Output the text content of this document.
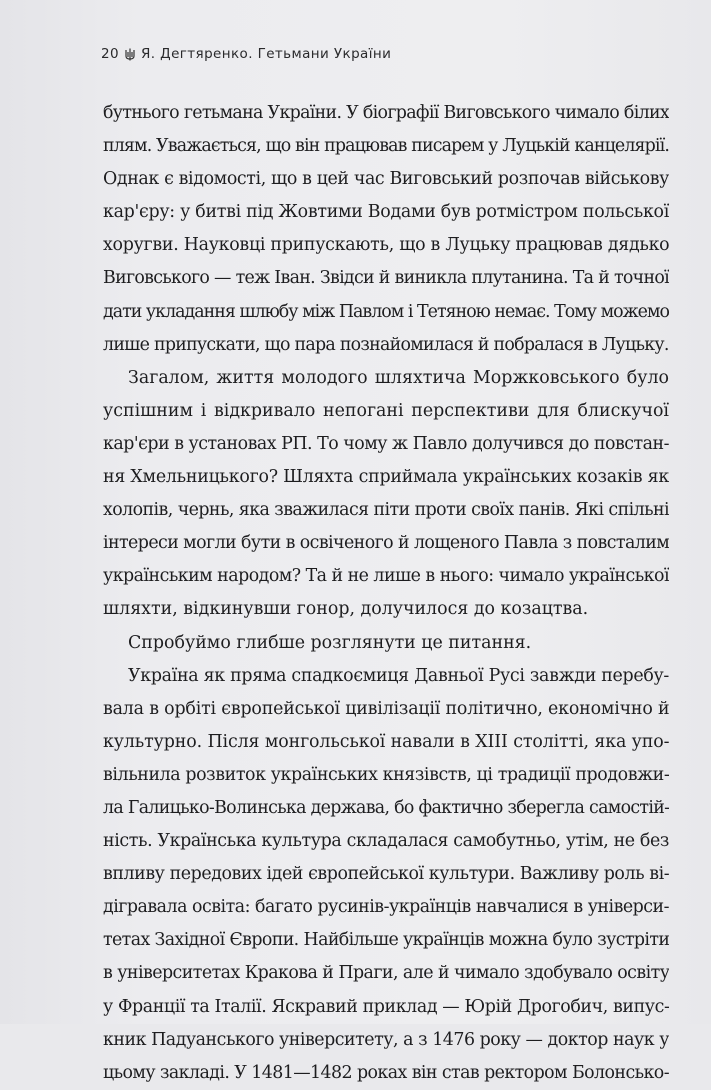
20 Я. Дегтяренко. Гетьмани України
бутнього гетьмана України. У біографії Виговського чимало білих
плям. Уважається, що він працював писарем у Луцькій канцелярії.
Однак є відомості, що в цей час Виговський розпочав військову
кар'єру: у битві під Жовтими Водами був ротмістром польської
хоругви. Науковці припускають, що в Луцьку працював дядько
Виговського — теж Іван. Звідси й виникла плутанина. Та й точної
дати укладання шлюбу між Павлом і Тетяною немає. Тому можемо
лише припускати, що пара познайомилася й побралася в Луцьку.
Загалом, життя молодого шляхтича Моржковського було
успішним і відкривало непогані перспективи для блискучої
кар'єри в установах РП. То чому ж Павло долучився до повстан-
ня Хмельницького? Шляхта сприймала українських козаків як
холопів, чернь, яка зважилася піти проти своїх панів. Які спільні
інтереси могли бути в освіченого й лощеного Павла з повсталим
українським народом? Та й не лише в нього: чимало української
шляхти, відкинувши гонор, долучилося до козацтва.
Спробуймо глибше розглянути це питання.
Україна як пряма спадкоємиця Давньої Русі завжди перебу-
вала в орбіті європейської цивілізації політично, економічно й
культурно. Після монгольської навали в XIII столітті, яка упо-
вільнила розвиток українських князівств, ці традиції продовжи-
ла Галицько-Волинська держава, бо фактично зберегла самостій-
ність. Українська культура складалася самобутньо, утім, не без
впливу передових ідей європейської культури. Важливу роль ві-
дігравала освіта: багато русинів-українців навчалися в універси-
тетах Західної Європи. Найбільше українців можна було зустріти
в університетах Кракова й Праги, але й чимало здобувало освіту
у Франції та Італії. Яскравий приклад — Юрій Дрогобич, випус-
кник Падуанського університету, а з 1476 року — доктор наук у
цьому закладі. У 1481—1482 роках він став ректором Болонсько-
